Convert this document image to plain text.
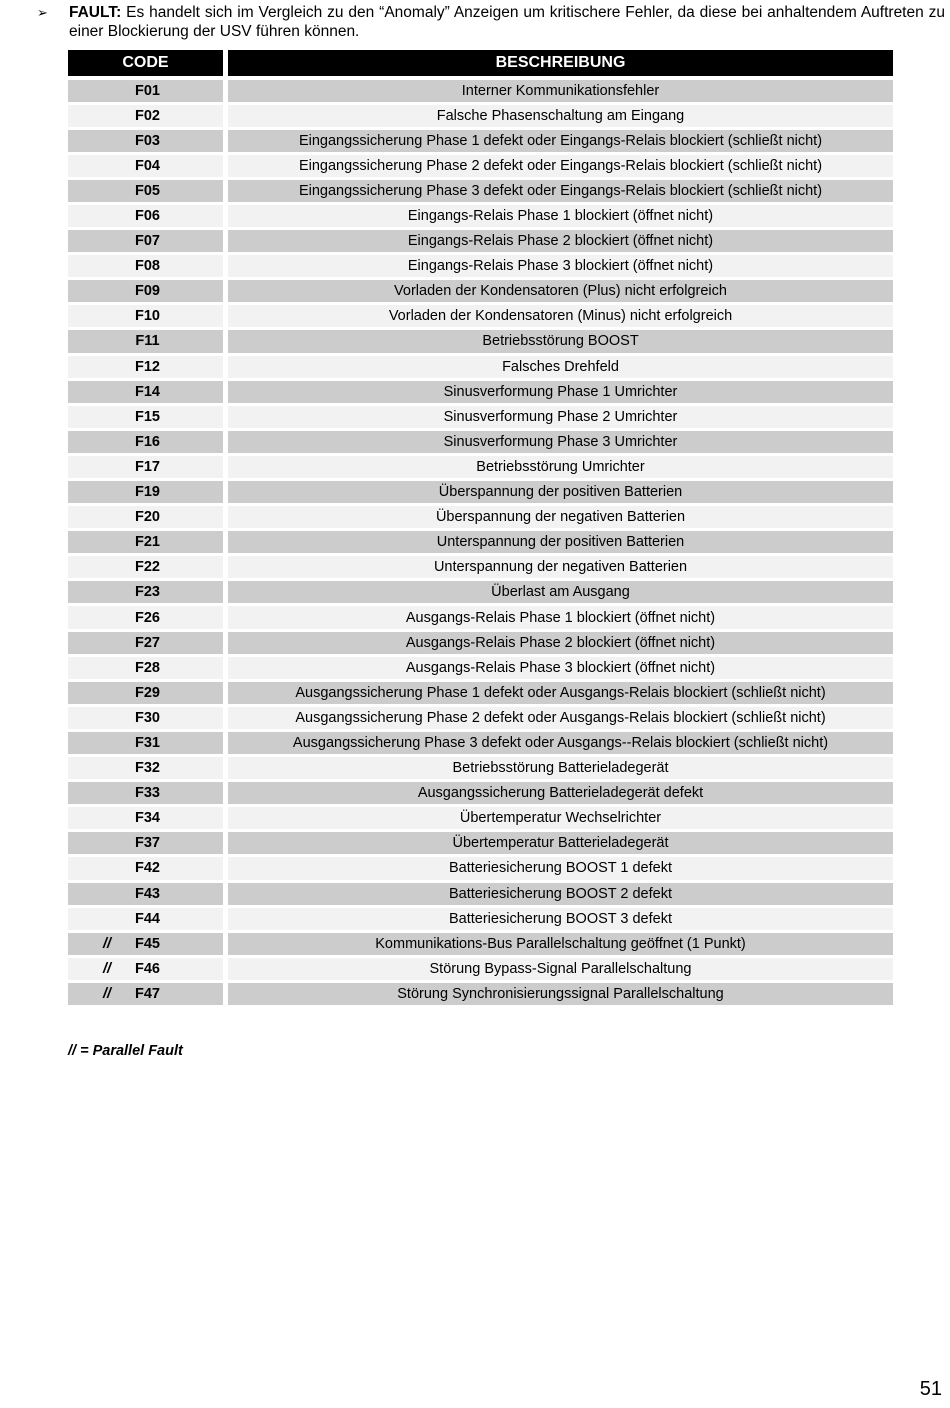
➢ FAULT: Es handelt sich im Vergleich zu den “Anomaly” Anzeigen um kritischere Fehler, da diese bei anhaltendem Auftreten zu einer Blockierung der USV führen können.
CODE	BESCHREIBUNG
F01	Interner Kommunikationsfehler
F02	Falsche Phasenschaltung am Eingang
F03	Eingangssicherung Phase 1 defekt oder Eingangs-Relais blockiert (schließt nicht)
F04	Eingangssicherung Phase 2 defekt oder Eingangs-Relais blockiert (schließt nicht)
F05	Eingangssicherung Phase 3 defekt oder Eingangs-Relais blockiert (schließt nicht)
F06	Eingangs-Relais Phase 1 blockiert (öffnet nicht)
F07	Eingangs-Relais Phase 2 blockiert (öffnet nicht)
F08	Eingangs-Relais Phase 3 blockiert (öffnet nicht)
F09	Vorladen der Kondensatoren (Plus) nicht erfolgreich
F10	Vorladen der Kondensatoren (Minus) nicht erfolgreich
F11	Betriebsstörung BOOST
F12	Falsches Drehfeld
F14	Sinusverformung Phase 1 Umrichter
F15	Sinusverformung Phase 2 Umrichter
F16	Sinusverformung Phase 3 Umrichter
F17	Betriebsstörung Umrichter
F19	Überspannung der positiven Batterien
F20	Überspannung der negativen Batterien
F21	Unterspannung der positiven Batterien
F22	Unterspannung der negativen Batterien
F23	Überlast am Ausgang
F26	Ausgangs-Relais Phase 1 blockiert (öffnet nicht)
F27	Ausgangs-Relais Phase 2 blockiert (öffnet nicht)
F28	Ausgangs-Relais Phase 3 blockiert (öffnet nicht)
F29	Ausgangssicherung Phase 1 defekt oder Ausgangs-Relais blockiert (schließt nicht)
F30	Ausgangssicherung Phase 2 defekt oder Ausgangs-Relais blockiert (schließt nicht)
F31	Ausgangssicherung Phase 3 defekt oder Ausgangs--Relais blockiert (schließt nicht)
F32	Betriebsstörung Batterieladegerät
F33	Ausgangssicherung Batterieladegerät defekt
F34	Übertemperatur Wechselrichter
F37	Übertemperatur Batterieladegerät
F42	Batteriesicherung BOOST 1 defekt
F43	Batteriesicherung BOOST 2 defekt
F44	Batteriesicherung BOOST 3 defekt
// F45	Kommunikations-Bus Parallelschaltung geöffnet (1 Punkt)
// F46	Störung Bypass-Signal Parallelschaltung
// F47	Störung Synchronisierungssignal Parallelschaltung
// = Parallel Fault
51
